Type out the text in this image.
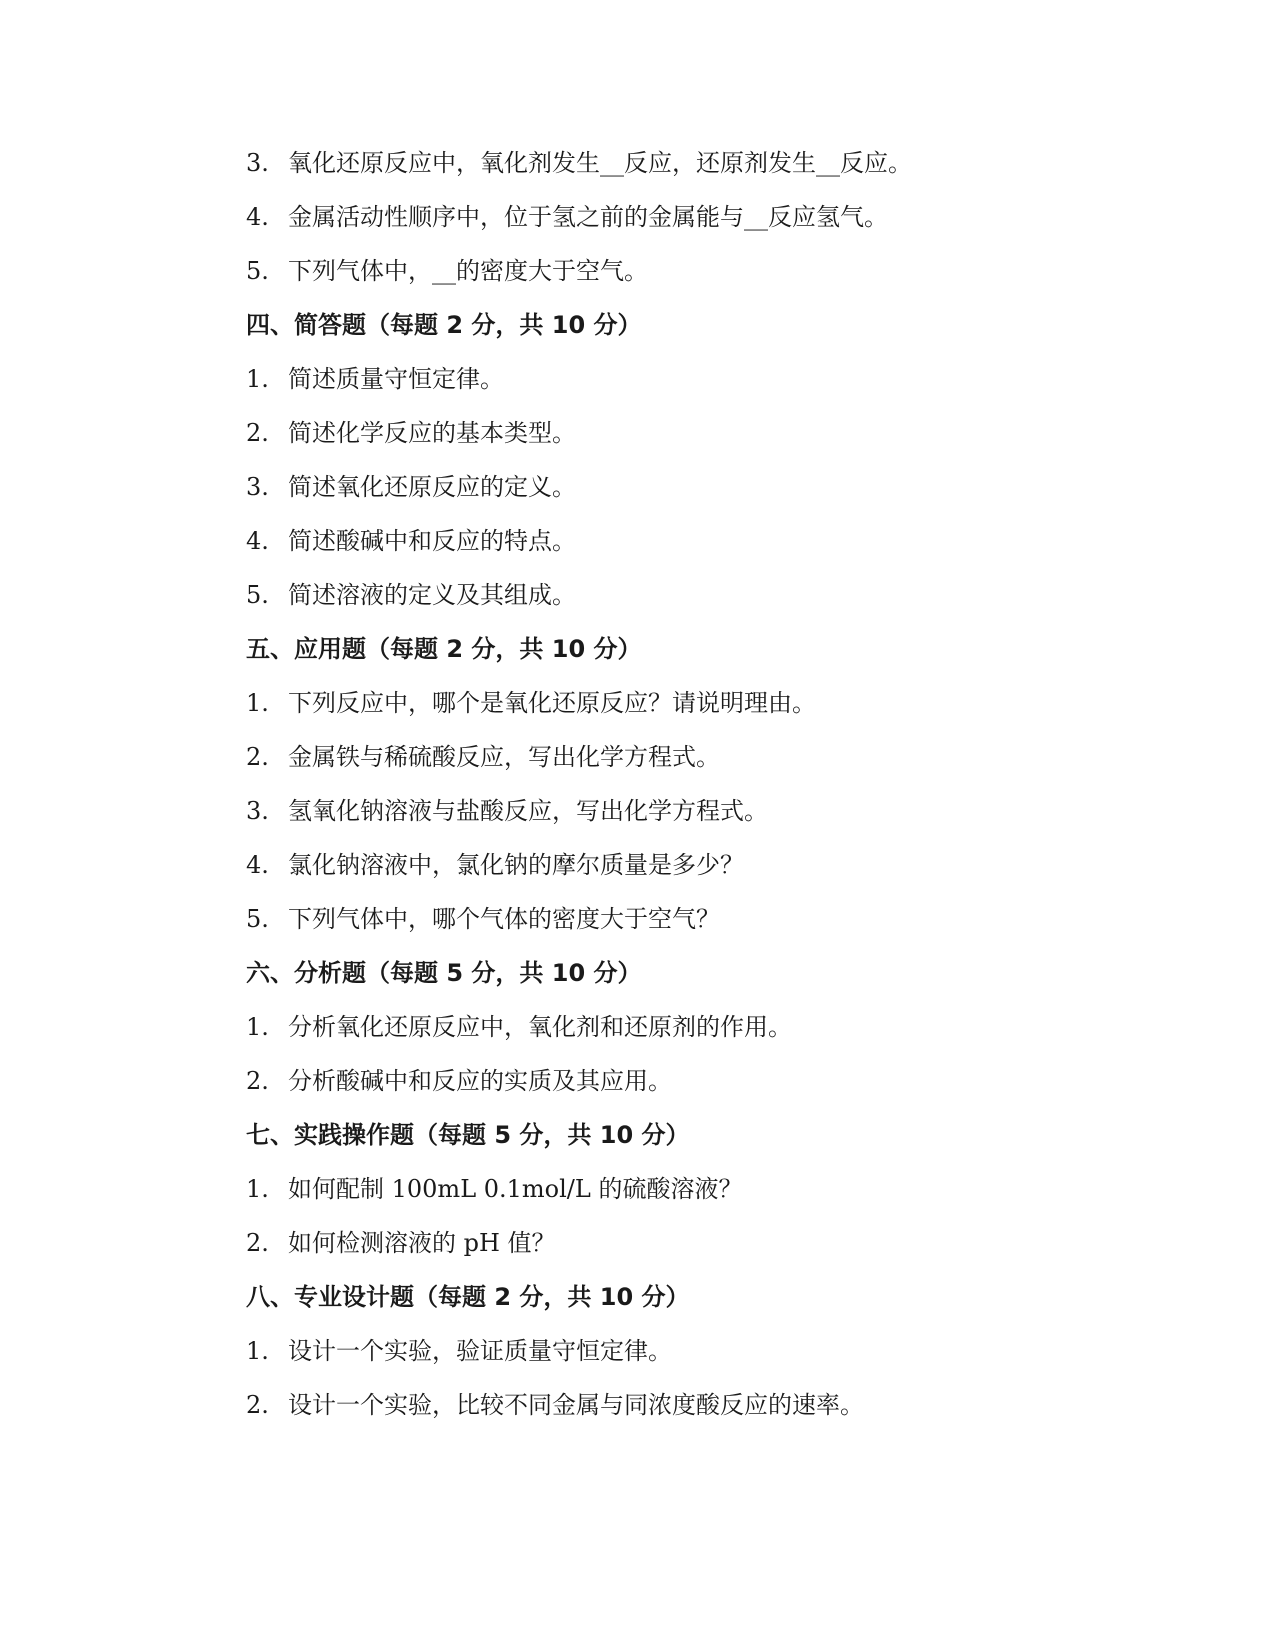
3. 氧化还原反应中，氧化剂发生__反应，还原剂发生__反应。
4. 金属活动性顺序中，位于氢之前的金属能与__反应氢气。
5. 下列气体中，__的密度大于空气。
四、简答题（每题 2 分，共 10 分）
1. 简述质量守恒定律。
2. 简述化学反应的基本类型。
3. 简述氧化还原反应的定义。
4. 简述酸碱中和反应的特点。
5. 简述溶液的定义及其组成。
五、应用题（每题 2 分，共 10 分）
1. 下列反应中，哪个是氧化还原反应？请说明理由。
2. 金属铁与稀硫酸反应，写出化学方程式。
3. 氢氧化钠溶液与盐酸反应，写出化学方程式。
4. 氯化钠溶液中，氯化钠的摩尔质量是多少？
5. 下列气体中，哪个气体的密度大于空气？
六、分析题（每题 5 分，共 10 分）
1. 分析氧化还原反应中，氧化剂和还原剂的作用。
2. 分析酸碱中和反应的实质及其应用。
七、实践操作题（每题 5 分，共 10 分）
1. 如何配制 100mL 0.1mol/L 的硫酸溶液？
2. 如何检测溶液的 pH 值？
八、专业设计题（每题 2 分，共 10 分）
1. 设计一个实验，验证质量守恒定律。
2. 设计一个实验，比较不同金属与同浓度酸反应的速率。
